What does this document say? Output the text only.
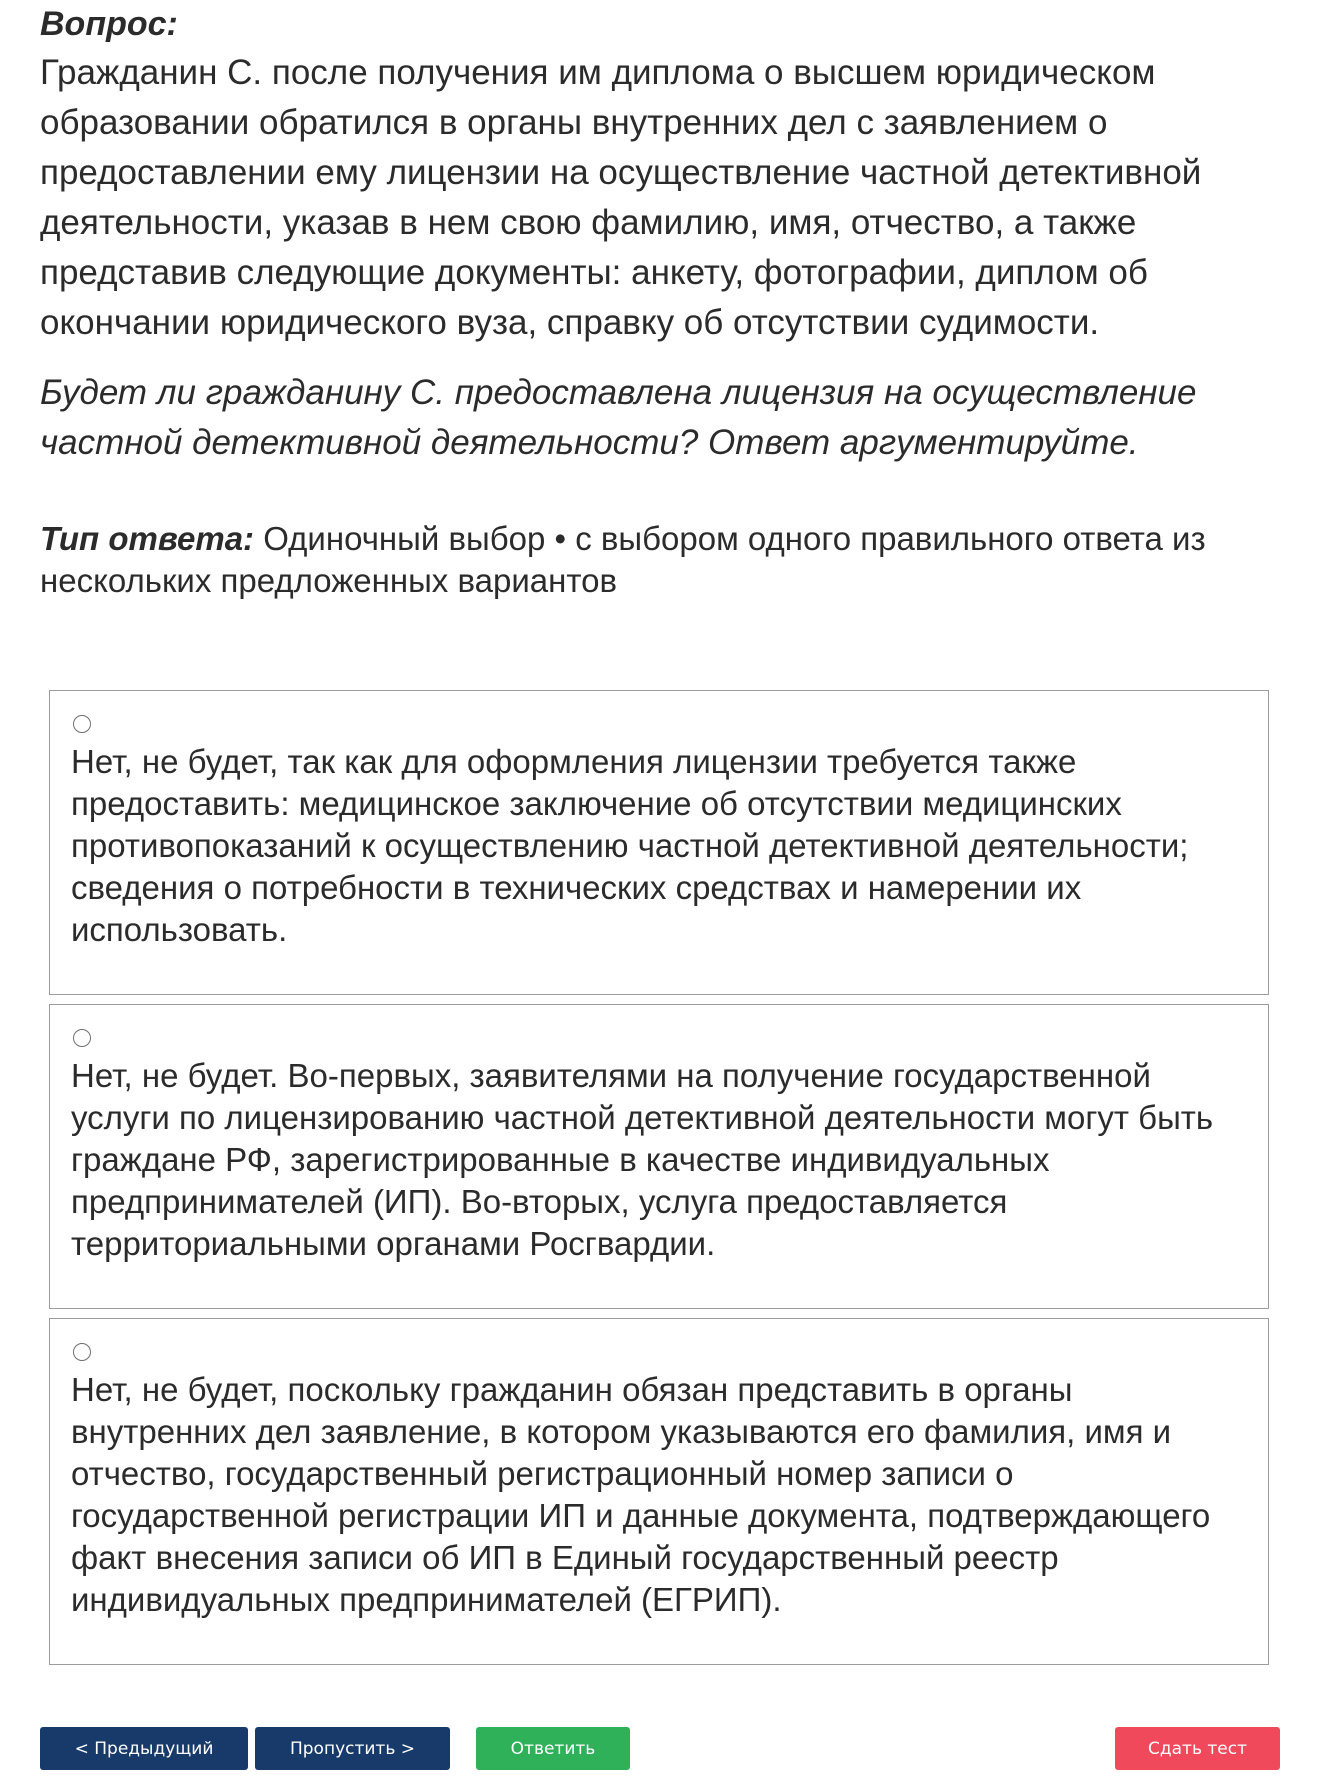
Вопрос:

Гражданин С. после получения им диплома о высшем юридическом образовании обратился в органы внутренних дел с заявлением о предоставлении ему лицензии на осуществление частной детективной деятельности, указав в нем свою фамилию, имя, отчество, а также представив следующие документы: анкету, фотографии, диплом об окончании юридического вуза, справку об отсутствии судимости.

Будет ли гражданину С. предоставлена лицензия на осуществление частной детективной деятельности? Ответ аргументируйте.

Тип ответа: Одиночный выбор • с выбором одного правильного ответа из нескольких предложенных вариантов
Нет, не будет, так как для оформления лицензии требуется также предоставить: медицинское заключение об отсутствии медицинских противопоказаний к осуществлению частной детективной деятельности; сведения о потребности в технических средствах и намерении их использовать.
Нет, не будет. Во-первых, заявителями на получение государственной услуги по лицензированию частной детективной деятельности могут быть граждане РФ, зарегистрированные в качестве индивидуальных предпринимателей (ИП). Во-вторых, услуга предоставляется территориальными органами Росгвардии.
Нет, не будет, поскольку гражданин обязан представить в органы внутренних дел заявление, в котором указываются его фамилия, имя и отчество, государственный регистрационный номер записи о государственной регистрации ИП и данные документа, подтверждающего факт внесения записи об ИП в Единый государственный реестр индивидуальных предпринимателей (ЕГРИП).
< Предыдущий	Пропустить >	Ответить	Сдать тест
